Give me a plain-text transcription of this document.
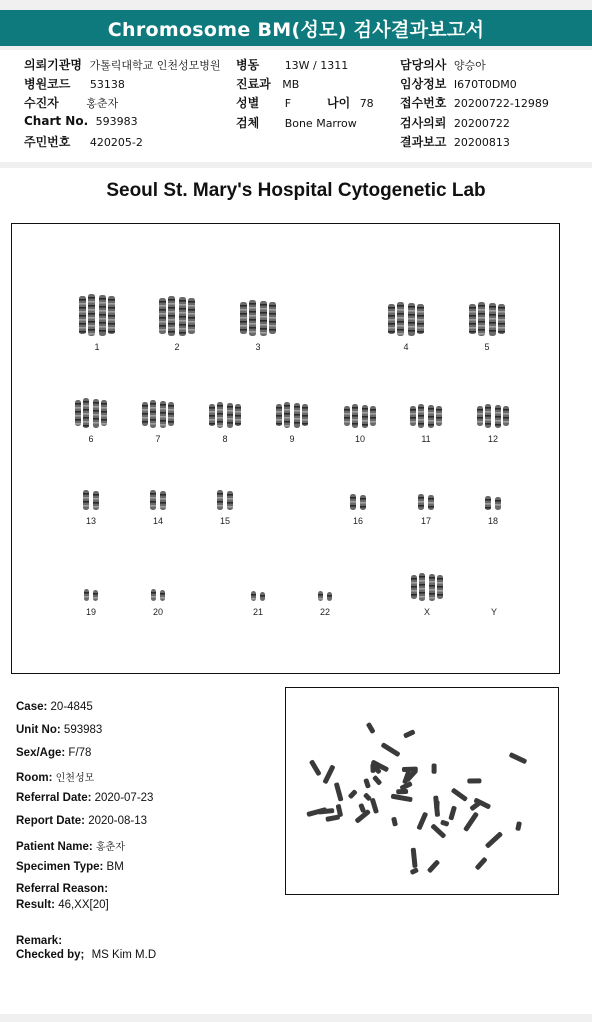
Chromosome BM(성모) 검사결과보고서
의뢰기관명 가톨릭대학교 인천성모병원 병동 13W / 1311	담당의사 양승아
병원코드 53138	진료과 MB	임상정보 I670T0DM0
수진자	홍춘자	성별 F	나이 78 접수번호 20200722-12989
Chart No. 593983	검체 Bone Marrow	검사의뢰 20200722
주민번호 420205-2	결과보고 20200813
Seoul St. Mary's Hospital Cytogenetic Lab
1	2	3	4	5
6	7	8	9	10	11	12
13	14	15	16	17	18
19	20	21	22	X	Y
Case: 20-4845
Unit No: 593983
Sex/Age: F/78
Room: 인천성모
Referral Date: 2020-07-23
Report Date: 2020-08-13
Patient Name: 홍춘자
Specimen Type: BM
Referral Reason:
Result: 46,XX[20]
Remark:
Checked by; MS Kim M.D
